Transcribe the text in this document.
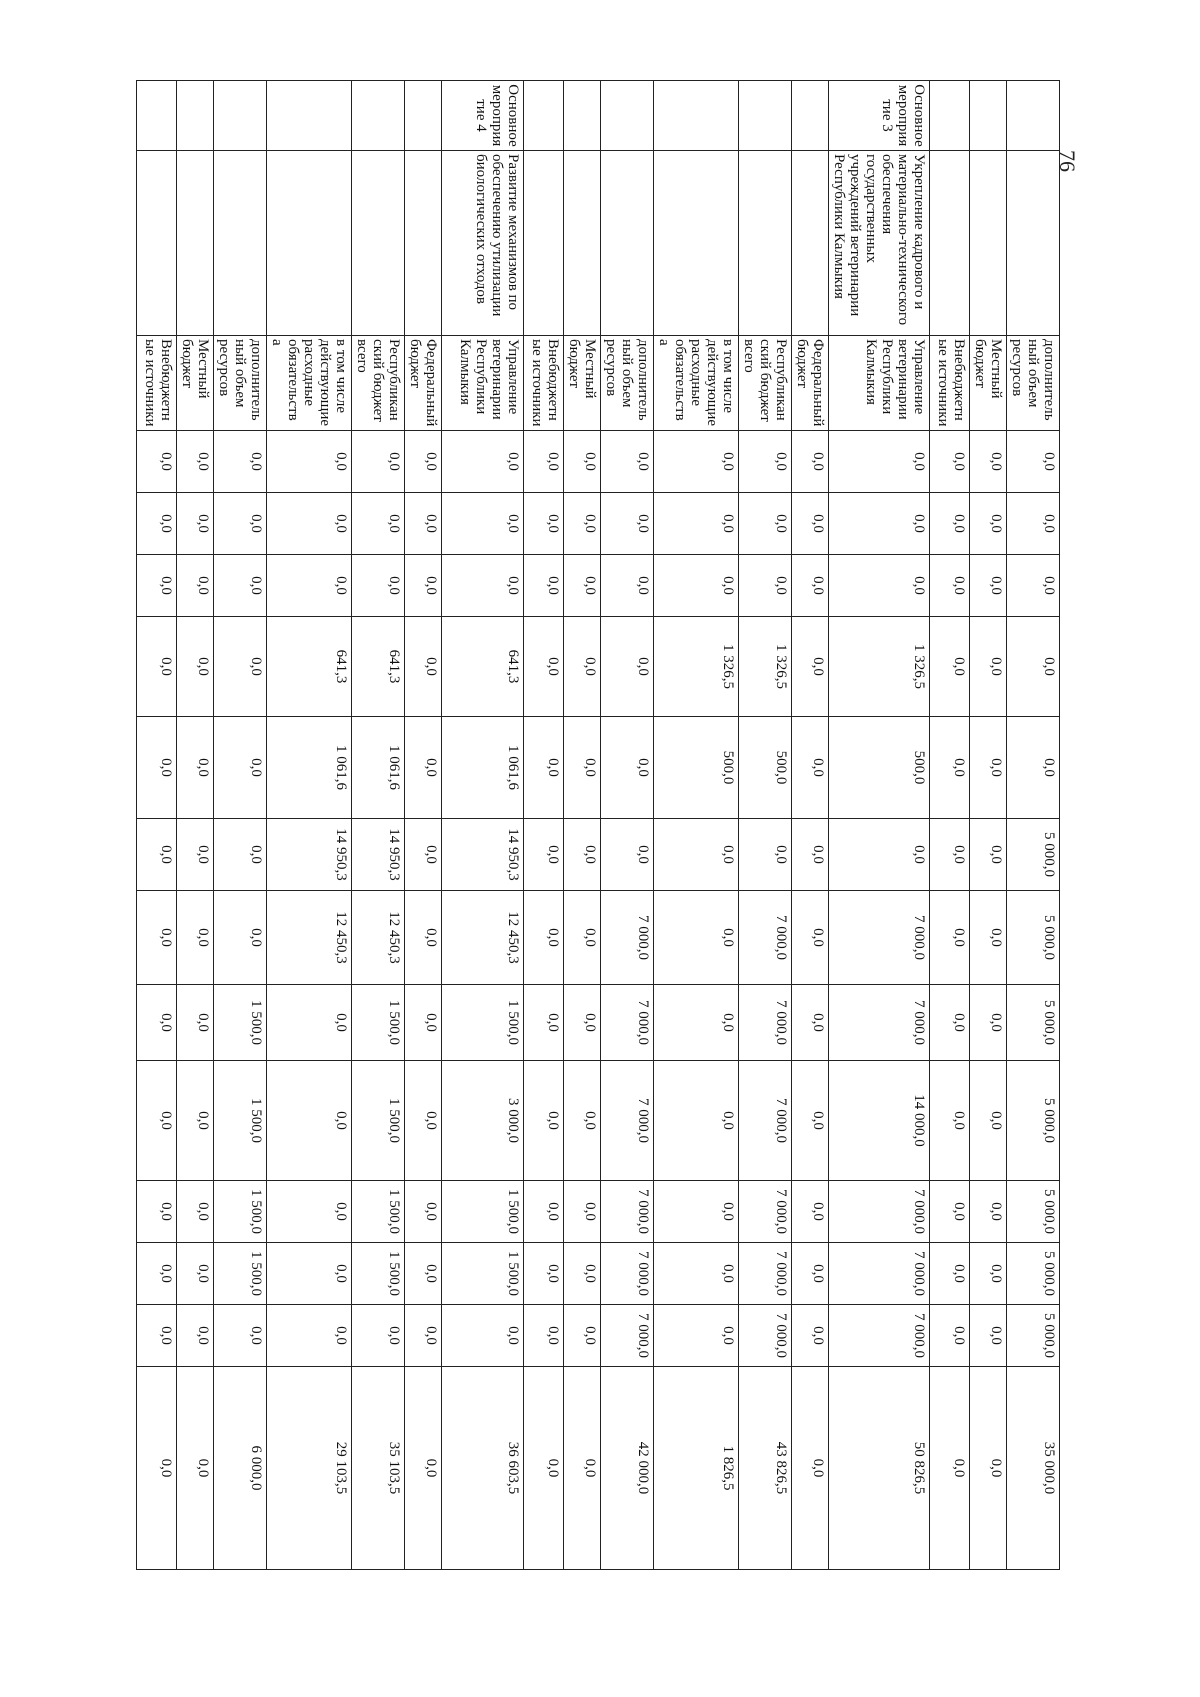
		дополнительный объем ресурсов	0,0	0,0	0,0	0,0	0,0	5 000,0	5 000,0	5 000,0	5 000,0	5 000,0	5 000,0	5 000,0	35 000,0
		Местный бюджет	0,0	0,0	0,0	0,0	0,0	0,0	0,0	0,0	0,0	0,0	0,0	0,0	0,0
		Внебюджетные источники	0,0	0,0	0,0	0,0	0,0	0,0	0,0	0,0	0,0	0,0	0,0	0,0	0,0
Основное мероприятие 3	Укрепление кадрового и материально-технического обеспечения государственных учреждений ветеринарии Республики Калмыкия	Управление ветеринарии Республики Калмыкия	0,0	0,0	0,0	1 326,5	500,0	0,0	7 000,0	7 000,0	14 000,0	7 000,0	7 000,0	7 000,0	50 826,5
		Федеральный бюджет	0,0	0,0	0,0	0,0	0,0	0,0	0,0	0,0	0,0	0,0	0,0	0,0	0,0
		Республиканский бюджет всего	0,0	0,0	0,0	1 326,5	500,0	0,0	7 000,0	7 000,0	7 000,0	7 000,0	7 000,0	7 000,0	43 826,5
		в том числе действующие расходные обязательства	0,0	0,0	0,0	1 326,5	500,0	0,0	0,0	0,0	0,0	0,0	0,0	0,0	1 826,5
		дополнительный объем ресурсов	0,0	0,0	0,0	0,0	0,0	0,0	7 000,0	7 000,0	7 000,0	7 000,0	7 000,0	7 000,0	42 000,0
		Местный бюджет	0,0	0,0	0,0	0,0	0,0	0,0	0,0	0,0	0,0	0,0	0,0	0,0	0,0
		Внебюджетные источники	0,0	0,0	0,0	0,0	0,0	0,0	0,0	0,0	0,0	0,0	0,0	0,0	0,0
Основное мероприятие 4	Развитие механизмов по обеспечению утилизации биологических отходов	Управление ветеринарии Республики Калмыкия	0,0	0,0	0,0	641,3	1 061,6	14 950,3	12 450,3	1 500,0	3 000,0	1 500,0	1 500,0	0,0	36 603,5
		Федеральный бюджет	0,0	0,0	0,0	0,0	0,0	0,0	0,0	0,0	0,0	0,0	0,0	0,0	0,0
		Республиканский бюджет всего	0,0	0,0	0,0	641,3	1 061,6	14 950,3	12 450,3	1 500,0	1 500,0	1 500,0	1 500,0	0,0	35 103,5
		в том числе действующие расходные обязательства	0,0	0,0	0,0	641,3	1 061,6	14 950,3	12 450,3	0,0	0,0	0,0	0,0	0,0	29 103,5
		дополнительный объем ресурсов	0,0	0,0	0,0	0,0	0,0	0,0	0,0	1 500,0	1 500,0	1 500,0	1 500,0	0,0	6 000,0
		Местный бюджет	0,0	0,0	0,0	0,0	0,0	0,0	0,0	0,0	0,0	0,0	0,0	0,0	0,0
		Внебюджетные источники	0,0	0,0	0,0	0,0	0,0	0,0	0,0	0,0	0,0	0,0	0,0	0,0	0,0
76
